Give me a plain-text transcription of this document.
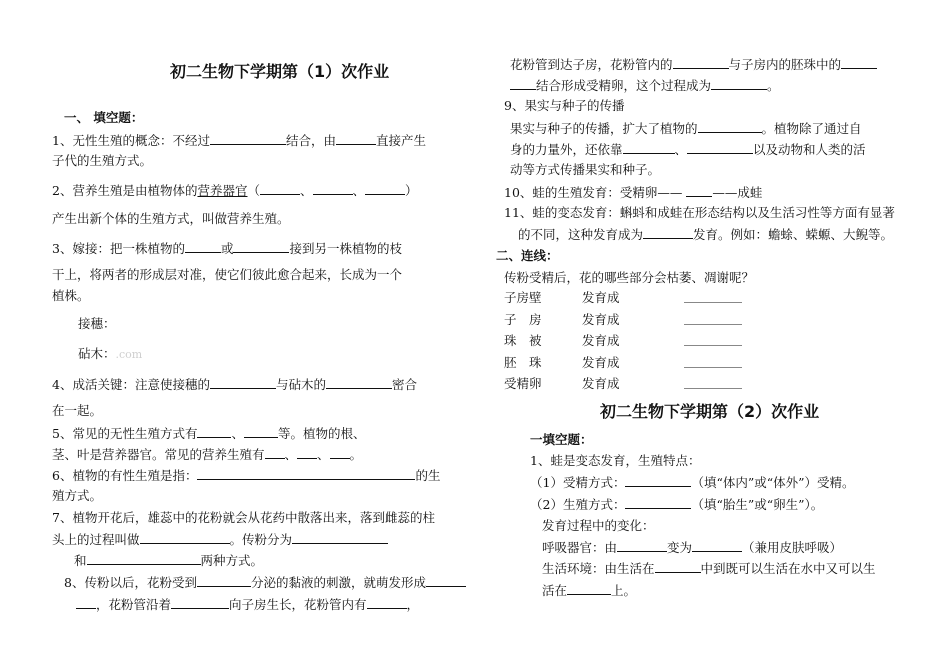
初二生物下学期第（1）次作业
一、 填空题：
1、无性生殖的概念：不经过	结合，由	直接产生
子代的生殖方式。
2、营养生殖是由植物体的营养器官（	、	、	）
产生出新个体的生殖方式，叫做营养生殖。
3、嫁接：把一株植物的	或	接到另一株植物的枝
干上，将两者的形成层对准，使它们彼此愈合起来，长成为一个
植株。
接穗：
砧木：.com
4、成活关键：注意使接穗的	与砧木的	密合
在一起。
5、常见的无性生殖方式有	、	等。植物的根、
茎、叶是营养器官。常见的营养生殖有 、 、 。
6、植物的有性生殖是指：	的生
殖方式。
7、植物开花后，雄蕊中的花粉就会从花药中散落出来，落到雌蕊的柱
头上的过程叫做	。传粉分为
和	两种方式。
8、传粉以后，花粉受到	分泌的黏液的刺激，就萌发形成
，花粉管沿着	向子房生长，花粉管内有	，
花粉管到达子房，花粉管内的	与子房内的胚珠中的
结合形成受精卵，这个过程成为	。
9、果实与种子的传播
果实与种子的传播，扩大了植物的	。植物除了通过自
身的力量外，还依靠	、	以及动物和人类的活
动等方式传播果实和种子。
10、蛙的生殖发育：受精卵—— ——成蛙
11、蛙的变态发育：蝌蚪和成蛙在形态结构以及生活习性等方面有显著
的不同，这种发育成为	发育。例如：蟾蜍、蝾螈、大鲵等。
二、连线：
传粉受精后，花的哪些部分会枯萎、凋谢呢？
子房壁	发育成
子　房	发育成
珠　被	发育成
胚　珠	发育成
受精卵	发育成
初二生物下学期第（2）次作业
一填空题：
1、蛙是变态发育，生殖特点：
（1）受精方式：	（填“体内”或“体外”）受精。
（2）生殖方式：	（填“胎生”或“卵生”）。
发育过程中的变化：
呼吸器官：由	变为	（兼用皮肤呼吸）
生活环境：由生活在	中到既可以生活在水中又可以生
活在	上。
